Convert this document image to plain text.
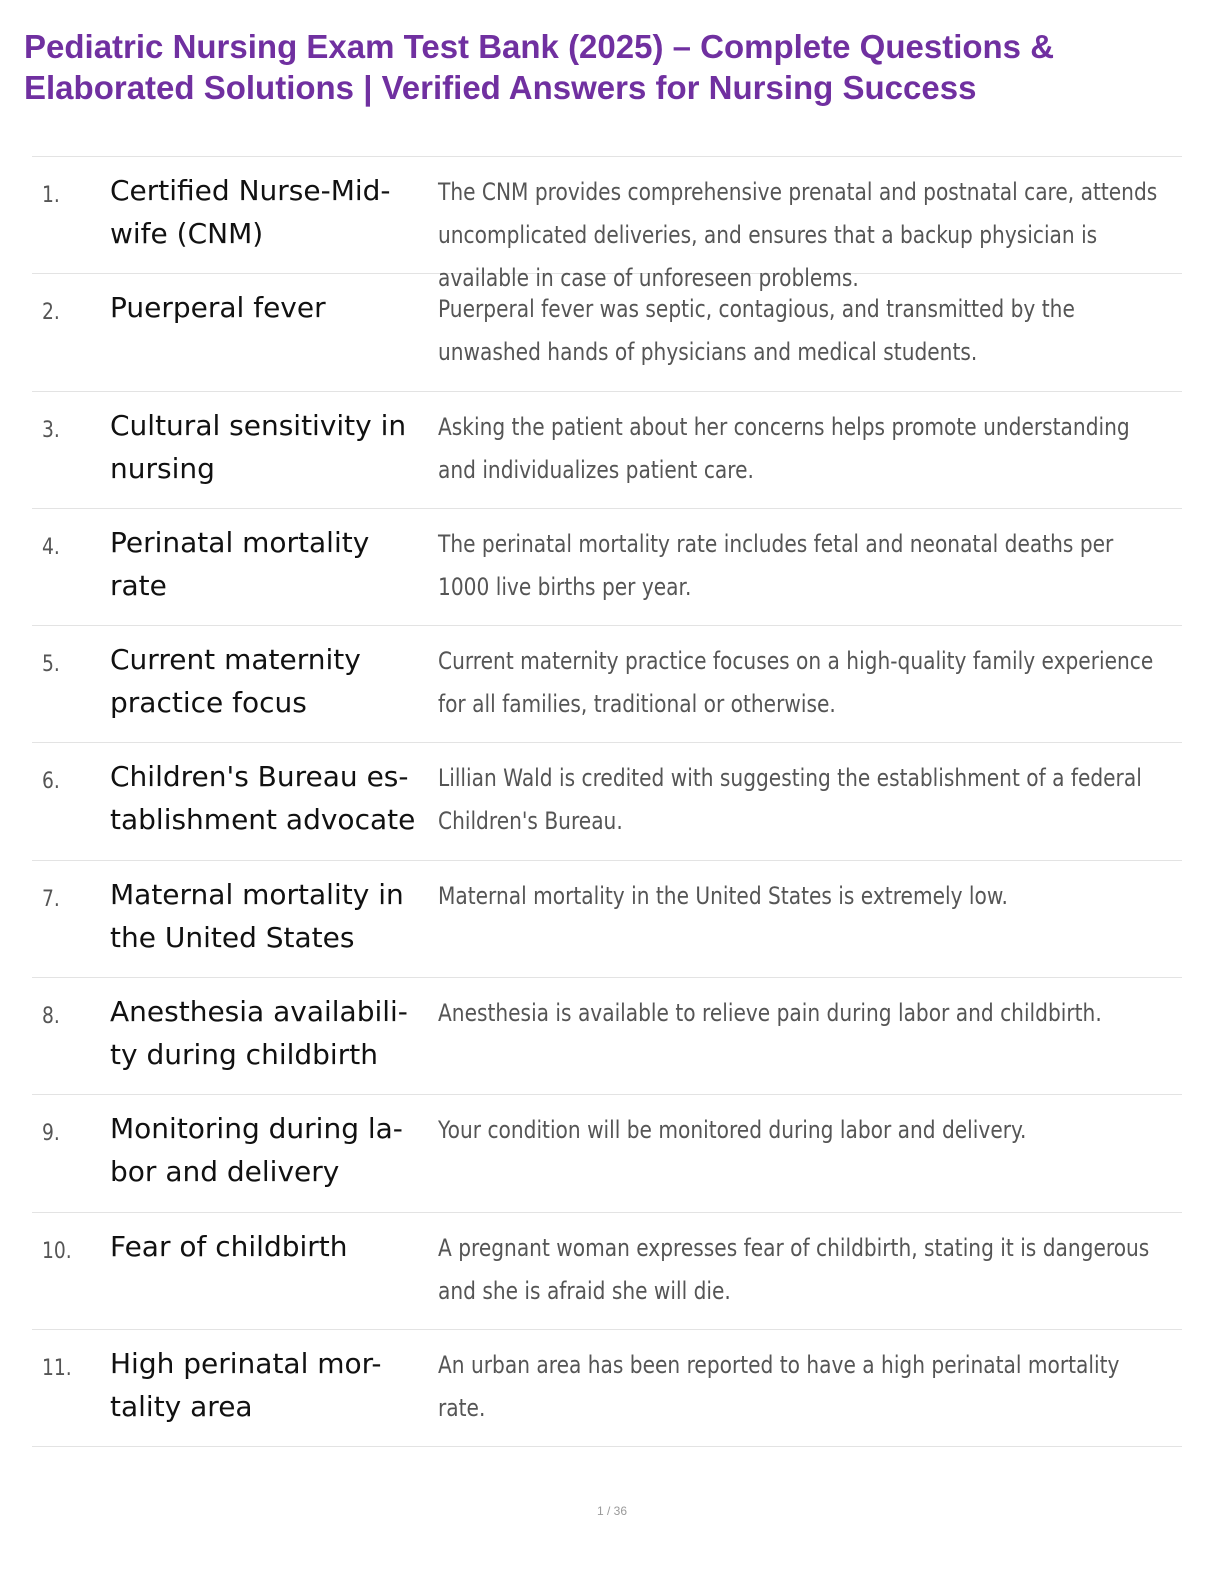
Pediatric Nursing Exam Test Bank (2025) – Complete Questions & Elaborated Solutions | Verified Answers for Nursing Success
1. Certified Nurse-Mid-
wife (CNM)
The CNM provides comprehensive prenatal and postnatal care, attends uncomplicated deliveries, and ensures that a backup physician is available in case of unforeseen problems.
2. Puerperal fever	Puerperal fever was septic, contagious, and transmitted by the unwashed hands of physicians and medical students.
3. Cultural sensitivity in
nursing
Asking the patient about her concerns helps promote understanding and individualizes patient care.
4. Perinatal mortality
rate
The perinatal mortality rate includes fetal and neonatal deaths per 1000 live births per year.
5. Current maternity
practice focus
Current maternity practice focuses on a high-quality family experience for all families, traditional or otherwise.
6. Children's Bureau es-
tablishment advocate
Lillian Wald is credited with suggesting the establishment of a federal Children's Bureau.
7. Maternal mortality in
the United States
Maternal mortality in the United States is extremely low.
8. Anesthesia availabili-
ty during childbirth
Anesthesia is available to relieve pain during labor and childbirth.
9. Monitoring during la-
bor and delivery
Your condition will be monitored during labor and delivery.
10. Fear of childbirth	A pregnant woman expresses fear of childbirth, stating it is dangerous and she is afraid she will die.
11. High perinatal mor-
tality area
An urban area has been reported to have a high perinatal mortality rate.
1 / 36
